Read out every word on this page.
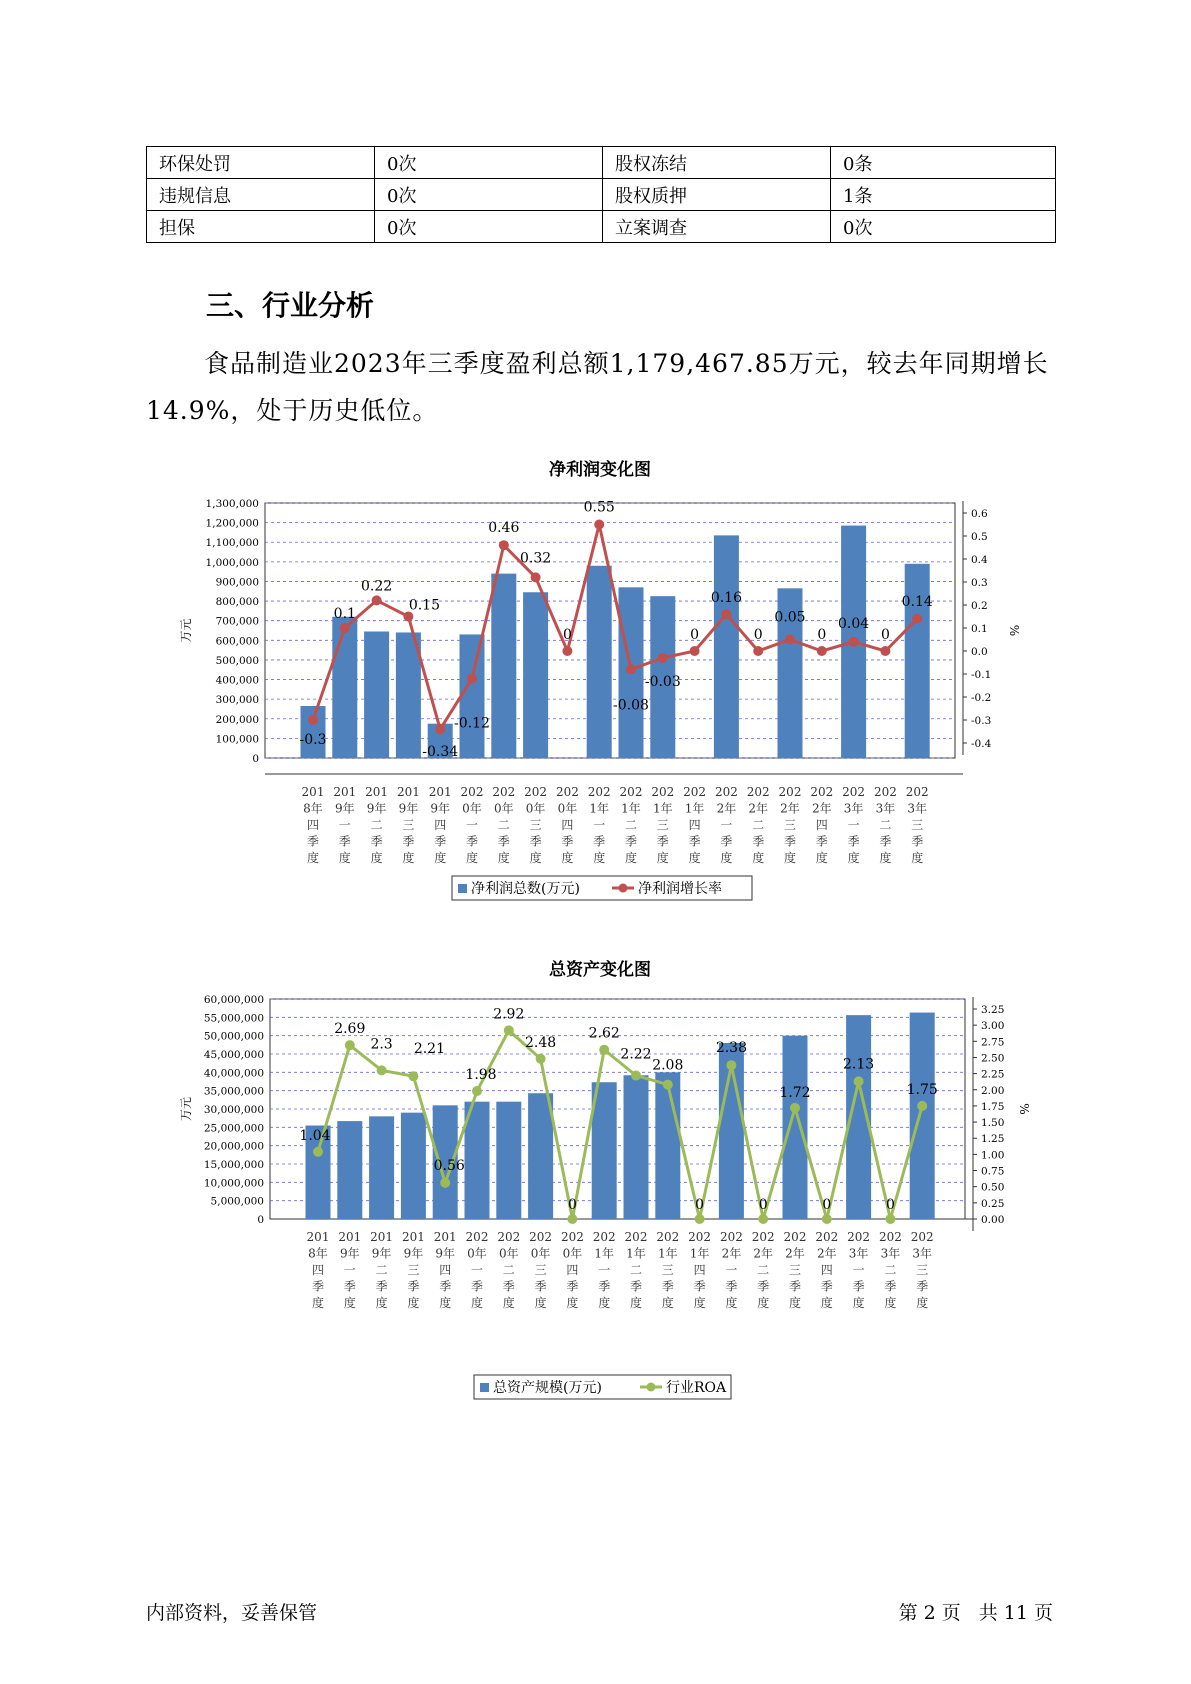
环保处罚	0次	股权冻结	0条
违规信息	0次	股权质押	1条
担保	0次	立案调查	0次
三、行业分析

食品制造业2023年三季度盈利总额1,179,467.85万元，较去年同期增长14.9%，处于历史低位。

净利润变化图
1,300,000
1,200,000
1,100,000
1,000,000
900,000
800,000
700,000
600,000
500,000
400,000
300,000
200,000
100,000
0
0.6
0.5
0.4
0.3
0.2
0.1
0.0
-0.1
-0.2
-0.3
-0.4
万元	%
-0.3
0.1
0.22
0.15
-0.34
-0.12
0.46
0.32
0
0.55
-0.08
-0.03
0
0.16
0
0.05
0
0.04
0
0.14
201 8年四季度
201 9年一季度
201 9年二季度
201 9年三季度
201 9年四季度
202 0年一季度
202 0年二季度
202 0年三季度
202 0年四季度
202 1年一季度
202 1年二季度
202 1年三季度
202 1年四季度
202 2年一季度
202 2年二季度
202 2年三季度
202 2年四季度
202 3年一季度
202 3年二季度
202 3年三季度
净利润总数(万元)	净利润增长率
总资产变化图
60,000,000
55,000,000
50,000,000
45,000,000
40,000,000
35,000,000
30,000,000
25,000,000
20,000,000
15,000,000
10,000,000
5,000,000
0
3.25
3.00
2.75
2.50
2.25
2.00
1.75
1.50
1.25
1.00
0.75
0.50
0.25
0.00
万元	%
1.04
2.69
2.3 2.21
0.56
1.98
2.92
2.48
0
2.62
2.22
2.08
0
2.38
0
1.72
0
2.13
0
1.75
201 8年四季度
201 9年一季度
201 9年二季度
201 9年三季度
201 9年四季度
202 0年一季度
202 0年二季度
202 0年三季度
202 0年四季度
202 1年一季度
202 1年二季度
202 1年三季度
202 1年四季度
202 2年一季度
202 2年二季度
202 2年三季度
202 2年四季度
202 3年一季度
202 3年二季度
202 3年三季度
总资产规模(万元)	行业ROA
内部资料，妥善保管	第 2 页 共 11 页
